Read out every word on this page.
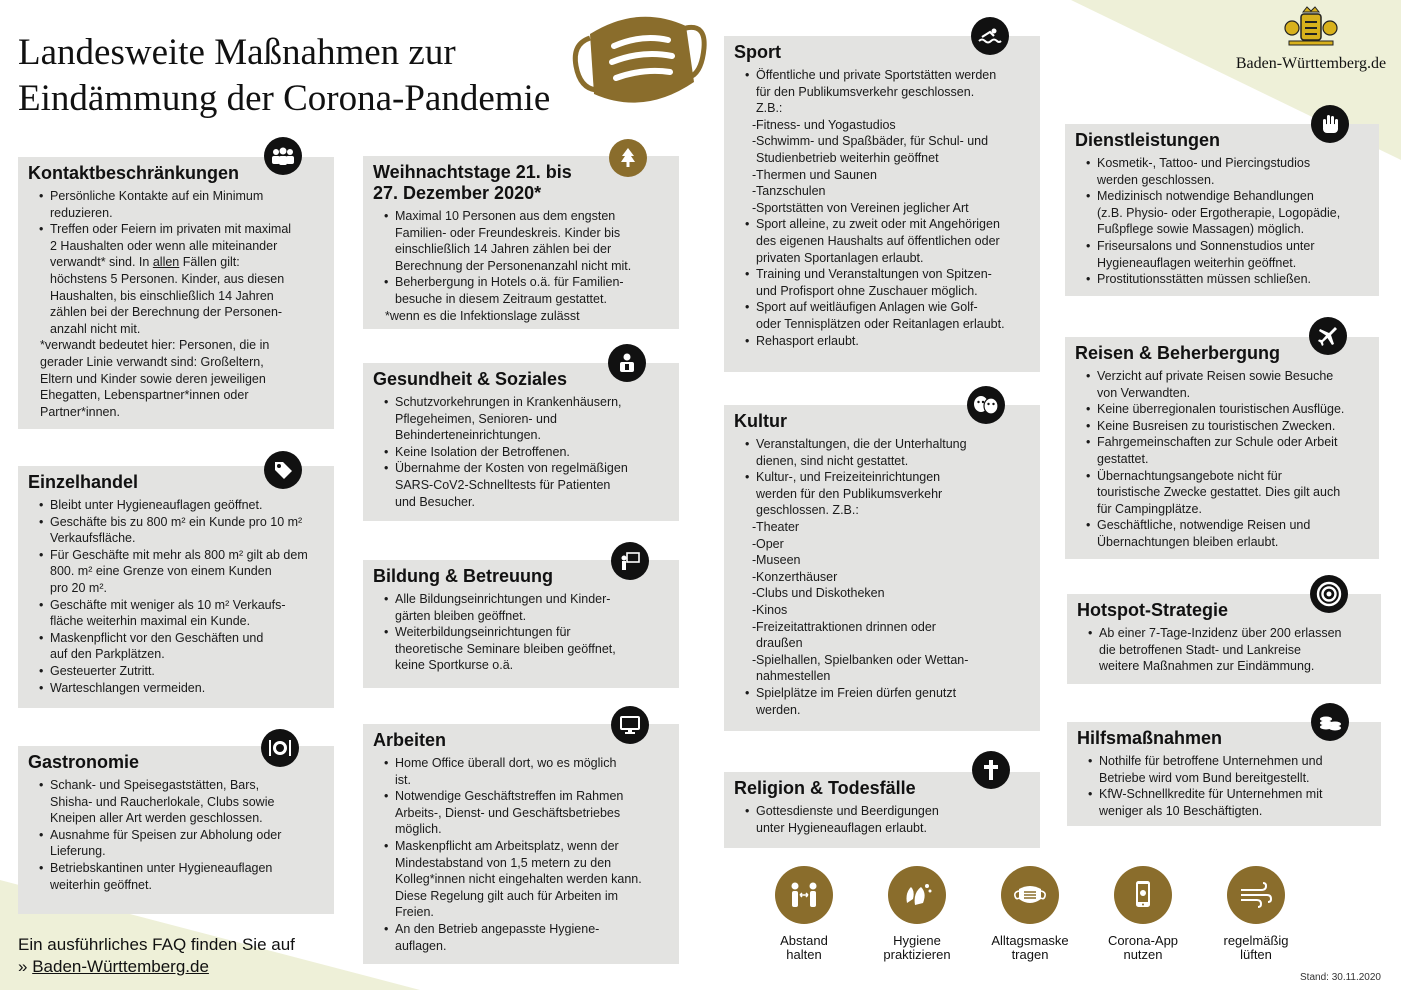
Landesweite Maßnahmen zur
Eindämmung der Corona-Pandemie
Baden-Württemberg.de
Kontaktbeschränkungen
• Persönliche Kontakte auf ein Minimum
reduzieren.
• Treffen oder Feiern im privaten mit maximal
2 Haushalten oder wenn alle miteinander
verwandt* sind. In allen Fällen gilt:
höchstens 5 Personen. Kinder, aus diesen
Haushalten, bis einschließlich 14 Jahren
zählen bei der Berechnung der Personen-
anzahl nicht mit.
*verwandt bedeutet hier: Personen, die in
gerader Linie verwandt sind: Großeltern,
Eltern und Kinder sowie deren jeweiligen
Ehegatten, Lebenspartner*innen oder
Partner*innen.
Einzelhandel
• Bleibt unter Hygieneauflagen geöffnet.
• Geschäfte bis zu 800 m² ein Kunde pro 10 m²
Verkaufsfläche.
• Für Geschäfte mit mehr als 800 m² gilt ab dem
800. m² eine Grenze von einem Kunden
pro 20 m².
• Geschäfte mit weniger als 10 m² Verkaufs-
fläche weiterhin maximal ein Kunde.
• Maskenpflicht vor den Geschäften und
auf den Parkplätzen.
• Gesteuerter Zutritt.
• Warteschlangen vermeiden.
Gastronomie
• Schank- und Speisegaststätten, Bars,
Shisha- und Raucherlokale, Clubs sowie
Kneipen aller Art werden geschlossen.
• Ausnahme für Speisen zur Abholung oder
Lieferung.
• Betriebskantinen unter Hygieneauflagen
weiterhin geöffnet.
Weihnachtstage 21. bis
27. Dezember 2020*
• Maximal 10 Personen aus dem engsten
Familien- oder Freundeskreis. Kinder bis
einschließlich 14 Jahren zählen bei der
Berechnung der Personenanzahl nicht mit.
• Beherbergung in Hotels o.ä. für Familien-
besuche in diesem Zeitraum gestattet.
*wenn es die Infektionslage zulässt
Gesundheit & Soziales
• Schutzvorkehrungen in Krankenhäusern,
Pflegeheimen, Senioren- und
Behinderteneinrichtungen.
• Keine Isolation der Betroffenen.
• Übernahme der Kosten von regelmäßigen
SARS-CoV2-Schnelltests für Patienten
und Besucher.
Bildung & Betreuung
• Alle Bildungseinrichtungen und Kinder-
gärten bleiben geöffnet.
• Weiterbildungseinrichtungen für
theoretische Seminare bleiben geöffnet,
keine Sportkurse o.ä.
Arbeiten
• Home Office überall dort, wo es möglich
ist.
• Notwendige Geschäftstreffen im Rahmen
Arbeits-, Dienst- und Geschäftsbetriebes
möglich.
• Maskenpflicht am Arbeitsplatz, wenn der
Mindestabstand von 1,5 metern zu den
Kolleg*innen nicht eingehalten werden kann.
Diese Regelung gilt auch für Arbeiten im
Freien.
• An den Betrieb angepasste Hygiene-
auflagen.
Sport
• Öffentliche und private Sportstätten werden
für den Publikumsverkehr geschlossen.
Z.B.:
- Fitness- und Yogastudios
- Schwimm- und Spaßbäder, für Schul- und
Studienbetrieb weiterhin geöffnet
- Thermen und Saunen
- Tanzschulen
- Sportstätten von Vereinen jeglicher Art
• Sport alleine, zu zweit oder mit Angehörigen
des eigenen Haushalts auf öffentlichen oder
privaten Sportanlagen erlaubt.
• Training und Veranstaltungen von Spitzen-
und Profisport ohne Zuschauer möglich.
• Sport auf weitläufigen Anlagen wie Golf-
oder Tennisplätzen oder Reitanlagen erlaubt.
• Rehasport erlaubt.
Kultur
• Veranstaltungen, die der Unterhaltung
dienen, sind nicht gestattet.
• Kultur-, und Freizeiteinrichtungen
werden für den Publikumsverkehr
geschlossen. Z.B.:
- Theater
- Oper
- Museen
- Konzerthäuser
- Clubs und Diskotheken
- Kinos
- Freizeitattraktionen drinnen oder
draußen
- Spielhallen, Spielbanken oder Wettan-
nahmestellen
• Spielplätze im Freien dürfen genutzt
werden.
Religion & Todesfälle
• Gottesdienste und Beerdigungen
unter Hygieneauflagen erlaubt.
Dienstleistungen
• Kosmetik-, Tattoo- und Piercingstudios
werden geschlossen.
• Medizinisch notwendige Behandlungen
(z.B. Physio- oder Ergotherapie, Logopädie,
Fußpflege sowie Massagen) möglich.
• Friseursalons und Sonnenstudios unter
Hygieneauflagen weiterhin geöffnet.
• Prostitutionsstätten müssen schließen.
Reisen & Beherbergung
• Verzicht auf private Reisen sowie Besuche
von Verwandten.
• Keine überregionalen touristischen Ausflüge.
• Keine Busreisen zu touristischen Zwecken.
• Fahrgemeinschaften zur Schule oder Arbeit
gestattet.
• Übernachtungsangebote nicht für
touristische Zwecke gestattet. Dies gilt auch
für Campingplätze.
• Geschäftliche, notwendige Reisen und
Übernachtungen bleiben erlaubt.
Hotspot-Strategie
• Ab einer 7-Tage-Inzidenz über 200 erlassen
die betroffenen Stadt- und Lankreise
weitere Maßnahmen zur Eindämmung.
Hilfsmaßnahmen
• Nothilfe für betroffene Unternehmen und
Betriebe wird vom Bund bereitgestellt.
• KfW-Schnellkredite für Unternehmen mit
weniger als 10 Beschäftigten.
Abstand
halten
Hygiene
praktizieren
Alltagsmaske
tragen
Corona-App
nutzen
regelmäßig
lüften
Ein ausführliches FAQ finden Sie auf
» Baden-Württemberg.de
Stand: 30.11.2020
